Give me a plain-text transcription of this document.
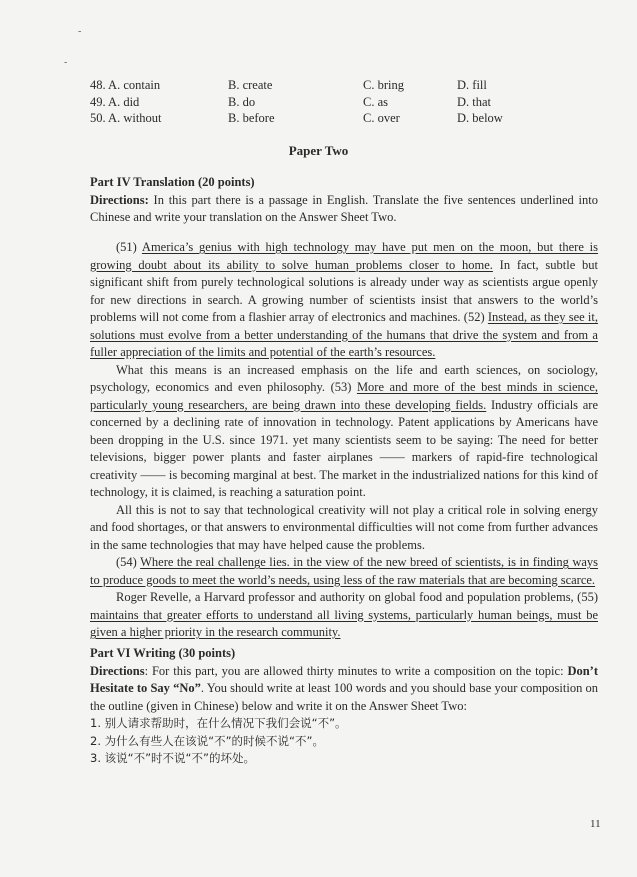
-
-
48. A. contain	B. create	C. bring	D. fill
49. A. did	B. do	C. as	D. that
50. A. without	B. before	C. over	D. below
Paper Two

Part IV Translation (20 points)

Directions: In this part there is a passage in English. Translate the five sentences underlined into Chinese and write your translation on the Answer Sheet Two.

(51) America’s genius with high technology may have put men on the moon, but there is growing doubt about its ability to solve human problems closer to home. In fact, subtle but significant shift from purely technological solutions is already under way as scientists argue openly for new directions in search. A growing number of scientists insist that answers to the world’s problems will not come from a flashier array of electronics and machines. (52) Instead, as they see it, solutions must evolve from a better understanding of the humans that drive the system and from a fuller appreciation of the limits and potential of the earth’s resources.

What this means is an increased emphasis on the life and earth sciences, on sociology, psychology, economics and even philosophy. (53) More and more of the best minds in science, particularly young researchers, are being drawn into these developing fields. Industry officials are concerned by a declining rate of innovation in technology. Patent applications by Americans have been dropping in the U.S. since 1971. yet many scientists seem to be saying: The need for better televisions, bigger power plants and faster airplanes —— markers of rapid-fire technological creativity —— is becoming marginal at best. The market in the industrialized nations for this kind of technology, it is claimed, is reaching a saturation point.

All this is not to say that technological creativity will not play a critical role in solving energy and food shortages, or that answers to environmental difficulties will not come from further advances in the same technologies that may have helped cause the problems.

(54) Where the real challenge lies. in the view of the new breed of scientists, is in finding ways to produce goods to meet the world’s needs, using less of the raw materials that are becoming scarce.

Roger Revelle, a Harvard professor and authority on global food and population problems, (55) maintains that greater efforts to understand all living systems, particularly human beings, must be given a higher priority in the research community.

Part VI Writing (30 points)

Directions: For this part, you are allowed thirty minutes to write a composition on the topic: Don’t Hesitate to Say “No”. You should write at least 100 words and you should base your composition on the outline (given in Chinese) below and write it on the Answer Sheet Two:

1. 别人请求帮助时，在什么情况下我们会说“不”。

2. 为什么有些人在该说“不”的时候不说“不”。

3. 该说“不”时不说“不”的坏处。

11
